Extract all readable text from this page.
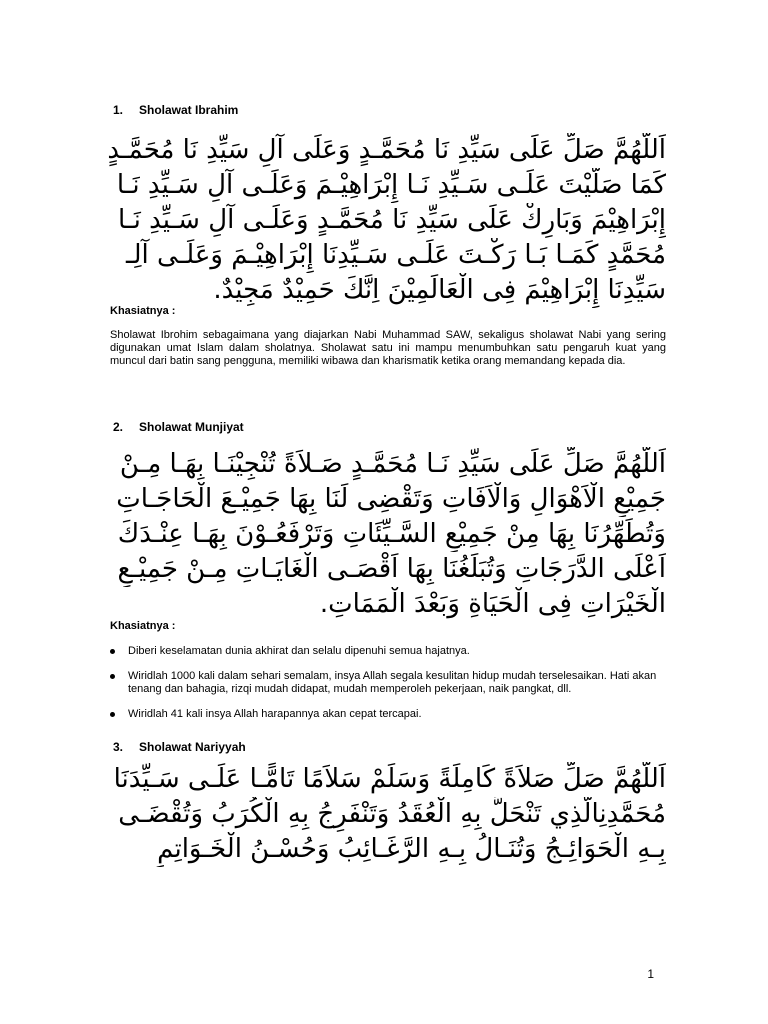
1. Sholawat Ibrahim
اَللَّهُمَّ صَلِّ عَلَى سَيِّدِ نَا مُحَمَّـدٍ وَعَلَى آلِ سَيِّدِ نَا مُحَمَّـدٍ
كَمَا صَلَّيْتَ عَلَـى سَـيِّدِ نَـا إِبْرَاهِيْـمَ وَعَلَـى آلِ سَـيِّدِ نَـا
إِبْرَاهِيْمَ وَبَارِكْ عَلَى سَيِّدِ نَا مُحَمَّـدٍ وَعَلَـى آلِ سَـيِّدِ نَـا
مُحَمَّدٍ كَمَـا بَـا رَكْـتَ عَلَـى سَـيِّدِنَا إِبْرَاهِيْـمَ وَعَلَـى آلِـ
سَيِّدِنَا إِبْرَاهِيْمَ فِى الْعَالَمِيْنَ اِنَّكَ حَمِيْدٌ مَجِيْدٌ.
Khasiatnya :
Sholawat Ibrohim sebagaimana yang diajarkan Nabi Muhammad SAW, sekaligus sholawat Nabi yang sering digunakan umat Islam dalam sholatnya. Sholawat satu ini mampu menumbuhkan satu pengaruh kuat yang muncul dari batin sang pengguna, memiliki wibawa dan kharismatik ketika orang memandang kepada dia.
2. Sholawat Munjiyat
اَللَّهُمَّ صَلِّ عَلَى سَيِّدِ نَـا مُحَمَّـدٍ صَـلاَةً تُنْجِيْنَـا بِهَـا مِـنْ
جَمِيْعِ الْاَهْوَالِ وَالْاَفَاتِ وَتَقْضِى لَنَا بِهَا جَمِيْـعَ الْحَاجَـاتِ
وَتُطَهِّرُنَا بِهَا مِنْ جَمِيْعِ السَّـيِّئَاتِ وَتَرْفَعُـوْنَ بِهَـا عِنْـدَكَ
اَعْلَى الدَّرَجَاتِ وَتُبَلِّغُنَا بِهَا اَقْصَـى الْغَايَـاتِ مِـنْ جَمِيْـعِ
الْخَيْرَاتِ فِى الْحَيَاةِ وَبَعْدَ الْمَمَاتِ.
Khasiatnya :
Diberi keselamatan dunia akhirat dan selalu dipenuhi semua hajatnya.
Wiridlah 1000 kali dalam sehari semalam, insya Allah segala kesulitan hidup mudah terselesaikan. Hati akan tenang dan bahagia, rizqi mudah didapat, mudah memperoleh pekerjaan, naik pangkat, dll.
Wiridlah 41 kali insya Allah harapannya akan cepat tercapai.
3. Sholawat Nariyyah
اَللَّهُمَّ صَلِّ صَلاَةً كَامِلَةً وَسَلِّمْ سَلاَمًا تَامًّـا عَلَـى سَـيِّدَنَا
مُحَمَّدِنِالَّذِي تَنْحَلُّ بِهِ الْعُقَدُ وَتَنْفَرِجُ بِهِ الْكُرَبُ وَتُقْضَـى
بِـهِ الْحَوَائِـجُ وَتُنَـالُ بِـهِ الرَّغَـائِبُ وَحُسْـنُ الْخَـوَاتِمِ
1
